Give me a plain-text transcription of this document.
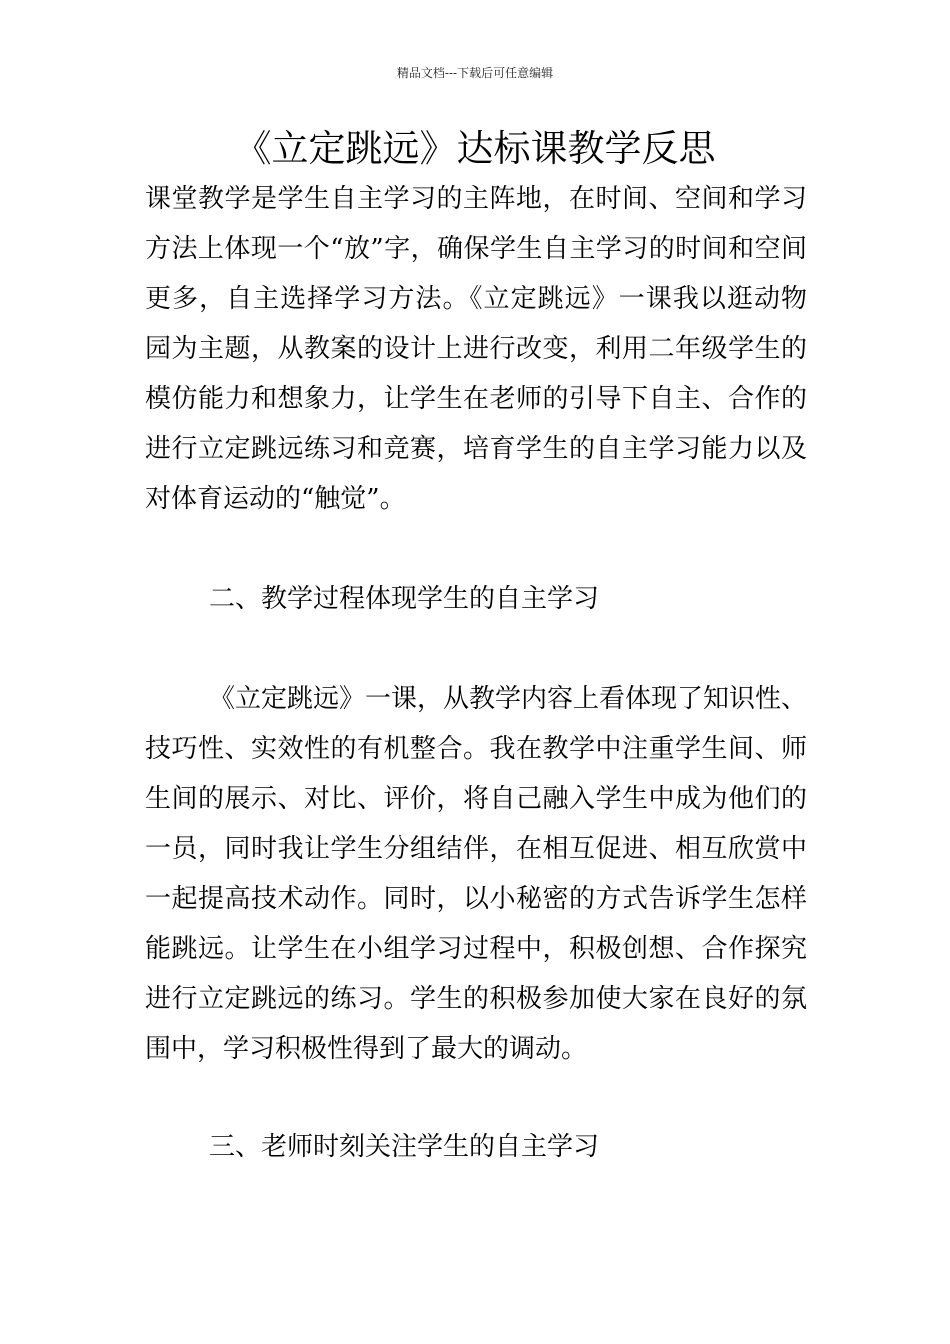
精品文档---下载后可任意编辑
《立定跳远》达标课教学反思

课堂教学是学生自主学习的主阵地，在时间、空间和学习方法上体现一个“放”字，确保学生自主学习的时间和空间更多，自主选择学习方法。《立定跳远》一课我以逛动物园为主题，从教案的设计上进行改变，利用二年级学生的模仿能力和想象力，让学生在老师的引导下自主、合作的进行立定跳远练习和竞赛，培育学生的自主学习能力以及对体育运动的“触觉”。

二、教学过程体现学生的自主学习

《立定跳远》一课，从教学内容上看体现了知识性、技巧性、实效性的有机整合。我在教学中注重学生间、师生间的展示、对比、评价，将自己融入学生中成为他们的一员，同时我让学生分组结伴，在相互促进、相互欣赏中一起提高技术动作。同时，以小秘密的方式告诉学生怎样能跳远。让学生在小组学习过程中，积极创想、合作探究进行立定跳远的练习。学生的积极参加使大家在良好的氛围中，学习积极性得到了最大的调动。

三、老师时刻关注学生的自主学习
